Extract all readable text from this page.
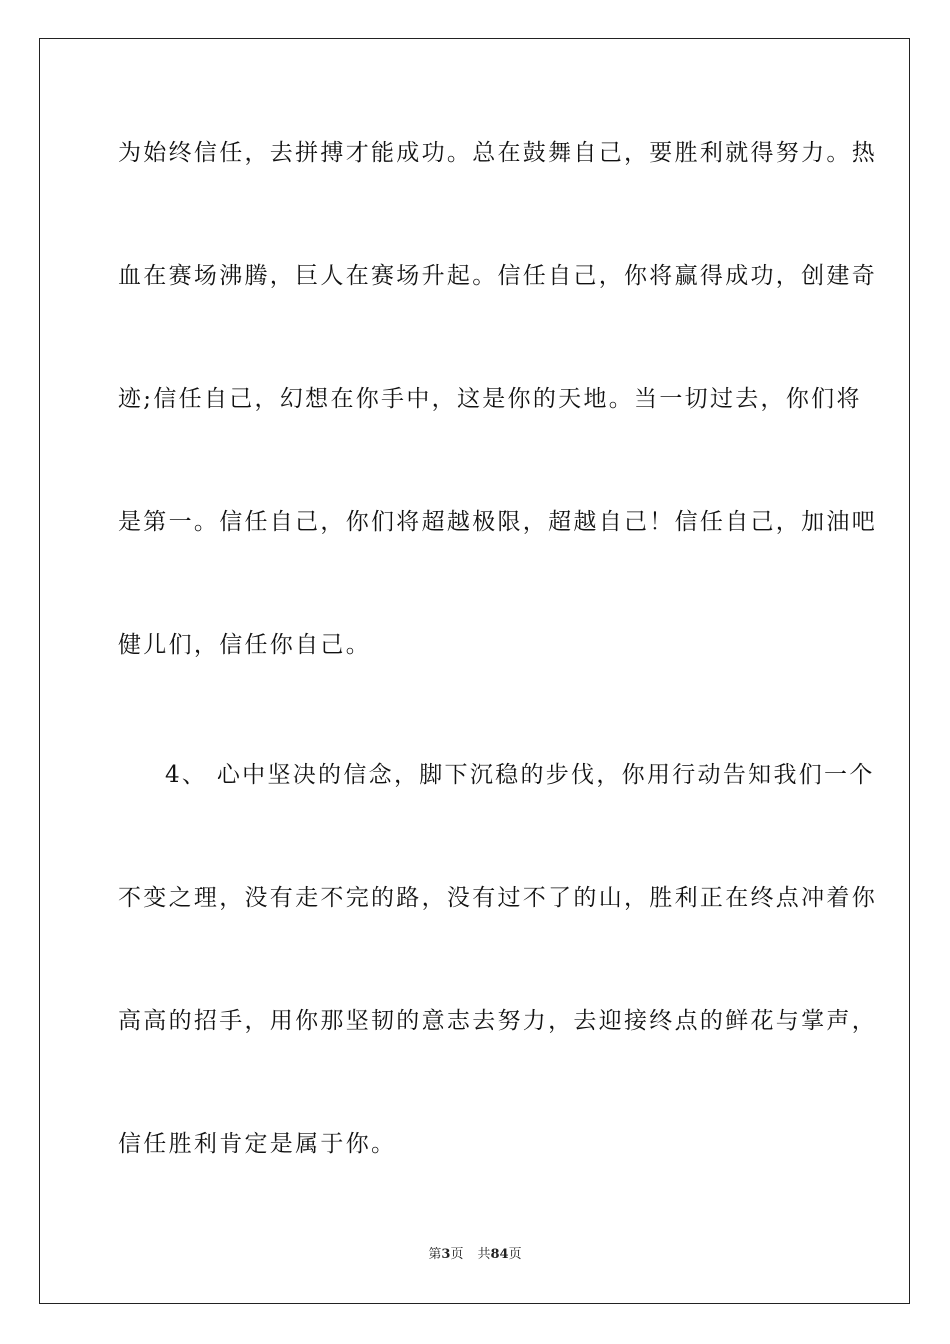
为始终信任，去拼搏才能成功。总在鼓舞自己，要胜利就得努力。热
血在赛场沸腾，巨人在赛场升起。信任自己，你将赢得成功，创建奇
迹;信任自己，幻想在你手中，这是你的天地。当一切过去，你们将
是第一。信任自己，你们将超越极限，超越自己！信任自己，加油吧
健儿们，信任你自己。
4、 心中坚决的信念，脚下沉稳的步伐，你用行动告知我们一个
不变之理，没有走不完的路，没有过不了的山，胜利正在终点冲着你
高高的招手，用你那坚韧的意志去努力，去迎接终点的鲜花与掌声，
信任胜利肯定是属于你。
第3页 共84页
